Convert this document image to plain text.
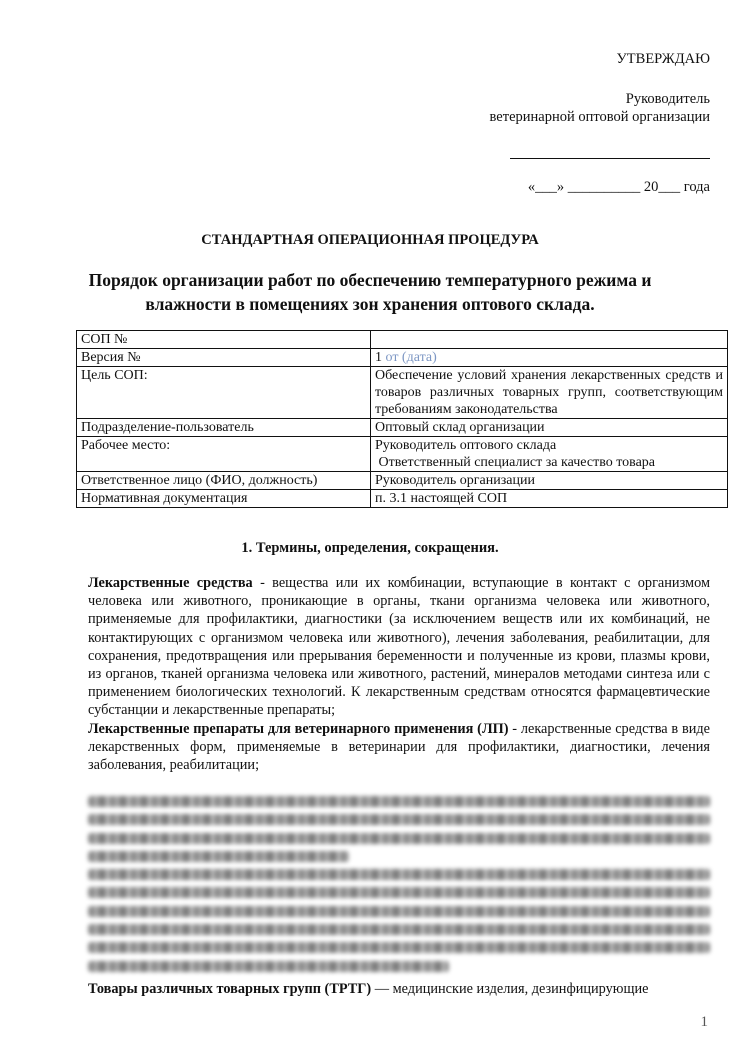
УТВЕРЖДАЮ
Руководитель
ветеринарной оптовой организации
«___» __________ 20___ года
СТАНДАРТНАЯ ОПЕРАЦИОННАЯ ПРОЦЕДУРА
Порядок организации работ по обеспечению температурного режима и влажности в помещениях зон хранения оптового склада.
СОП №	
Версия №	1 от (дата)
Цель СОП:	Обеспечение условий хранения лекарственных средств и товаров различных товарных групп, соответствующим требованиям законодательства
Подразделение-пользователь	Оптовый склад организации
Рабочее место:	Руководитель оптового склада
Ответственный специалист за качество товара
Ответственное лицо (ФИО, должность)	Руководитель организации
Нормативная документация	п. 3.1 настоящей СОП
1. Термины, определения, сокращения.

Лекарственные средства - вещества или их комбинации, вступающие в контакт с организмом человека или животного, проникающие в органы, ткани организма человека или животного, применяемые для профилактики, диагностики (за исключением веществ или их комбинаций, не контактирующих с организмом человека или животного), лечения заболевания, реабилитации, для сохранения, предотвращения или прерывания беременности и полученные из крови, плазмы крови, из органов, тканей организма человека или животного, растений, минералов методами синтеза или с применением биологических технологий. К лекарственным средствам относятся фармацевтические субстанции и лекарственные препараты;

Лекарственные препараты для ветеринарного применения (ЛП) - лекарственные средства в виде лекарственных форм, применяемые в ветеринарии для профилактики, диагностики, лечения заболевания, реабилитации;

Товары различных товарных групп (ТРТГ) — медицинские изделия, дезинфицирующие
1
